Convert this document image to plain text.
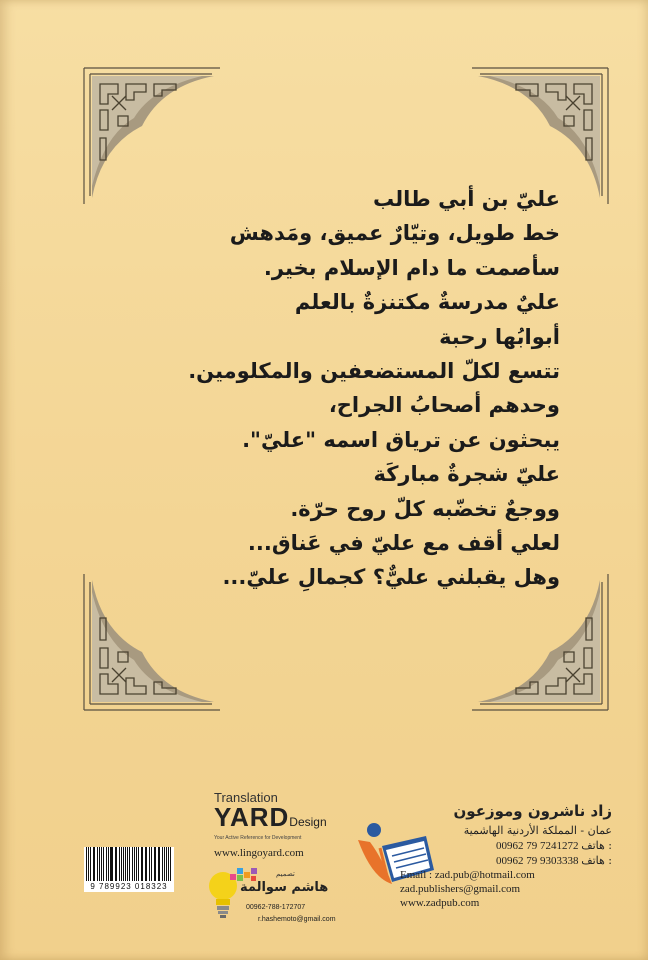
عليّ بن أبي طالب
خط طويل، وتيّارٌ عميق، ومَدهش
سأصمت ما دام الإسلام بخير.
عليٌ مدرسةٌ مكتنزةٌ بالعلم
أبوابُها رحبة
تتسع لكلّ المستضعفين والمكلومين.
وحدهم أصحابُ الجراح،
يبحثون عن ترياق اسمه "عليّ".
عليّ شجرةٌ مباركَة
ووجعٌ تخضّبه كلّ روح حرّة.
لعلي أقف مع عليّ في عَناق...
وهل يقبلني عليٌّ؟ كجمالِ عليّ...
Translation
YARDDesign
Your Active Reference for Development
www.lingoyard.com
9 789923 018323
تصميم
هاشم سوالمة
00962-788-172707
r.hashemoto@gmail.com
زاد ناشرون وموزعون
عمان - المملكة الأردنية الهاشمية
00962 79 7241272 هاتف :
00962 79 9303338 هاتف :
Email : zad.pub@hotmail.com
zad.publishers@gmail.com
www.zadpub.com
